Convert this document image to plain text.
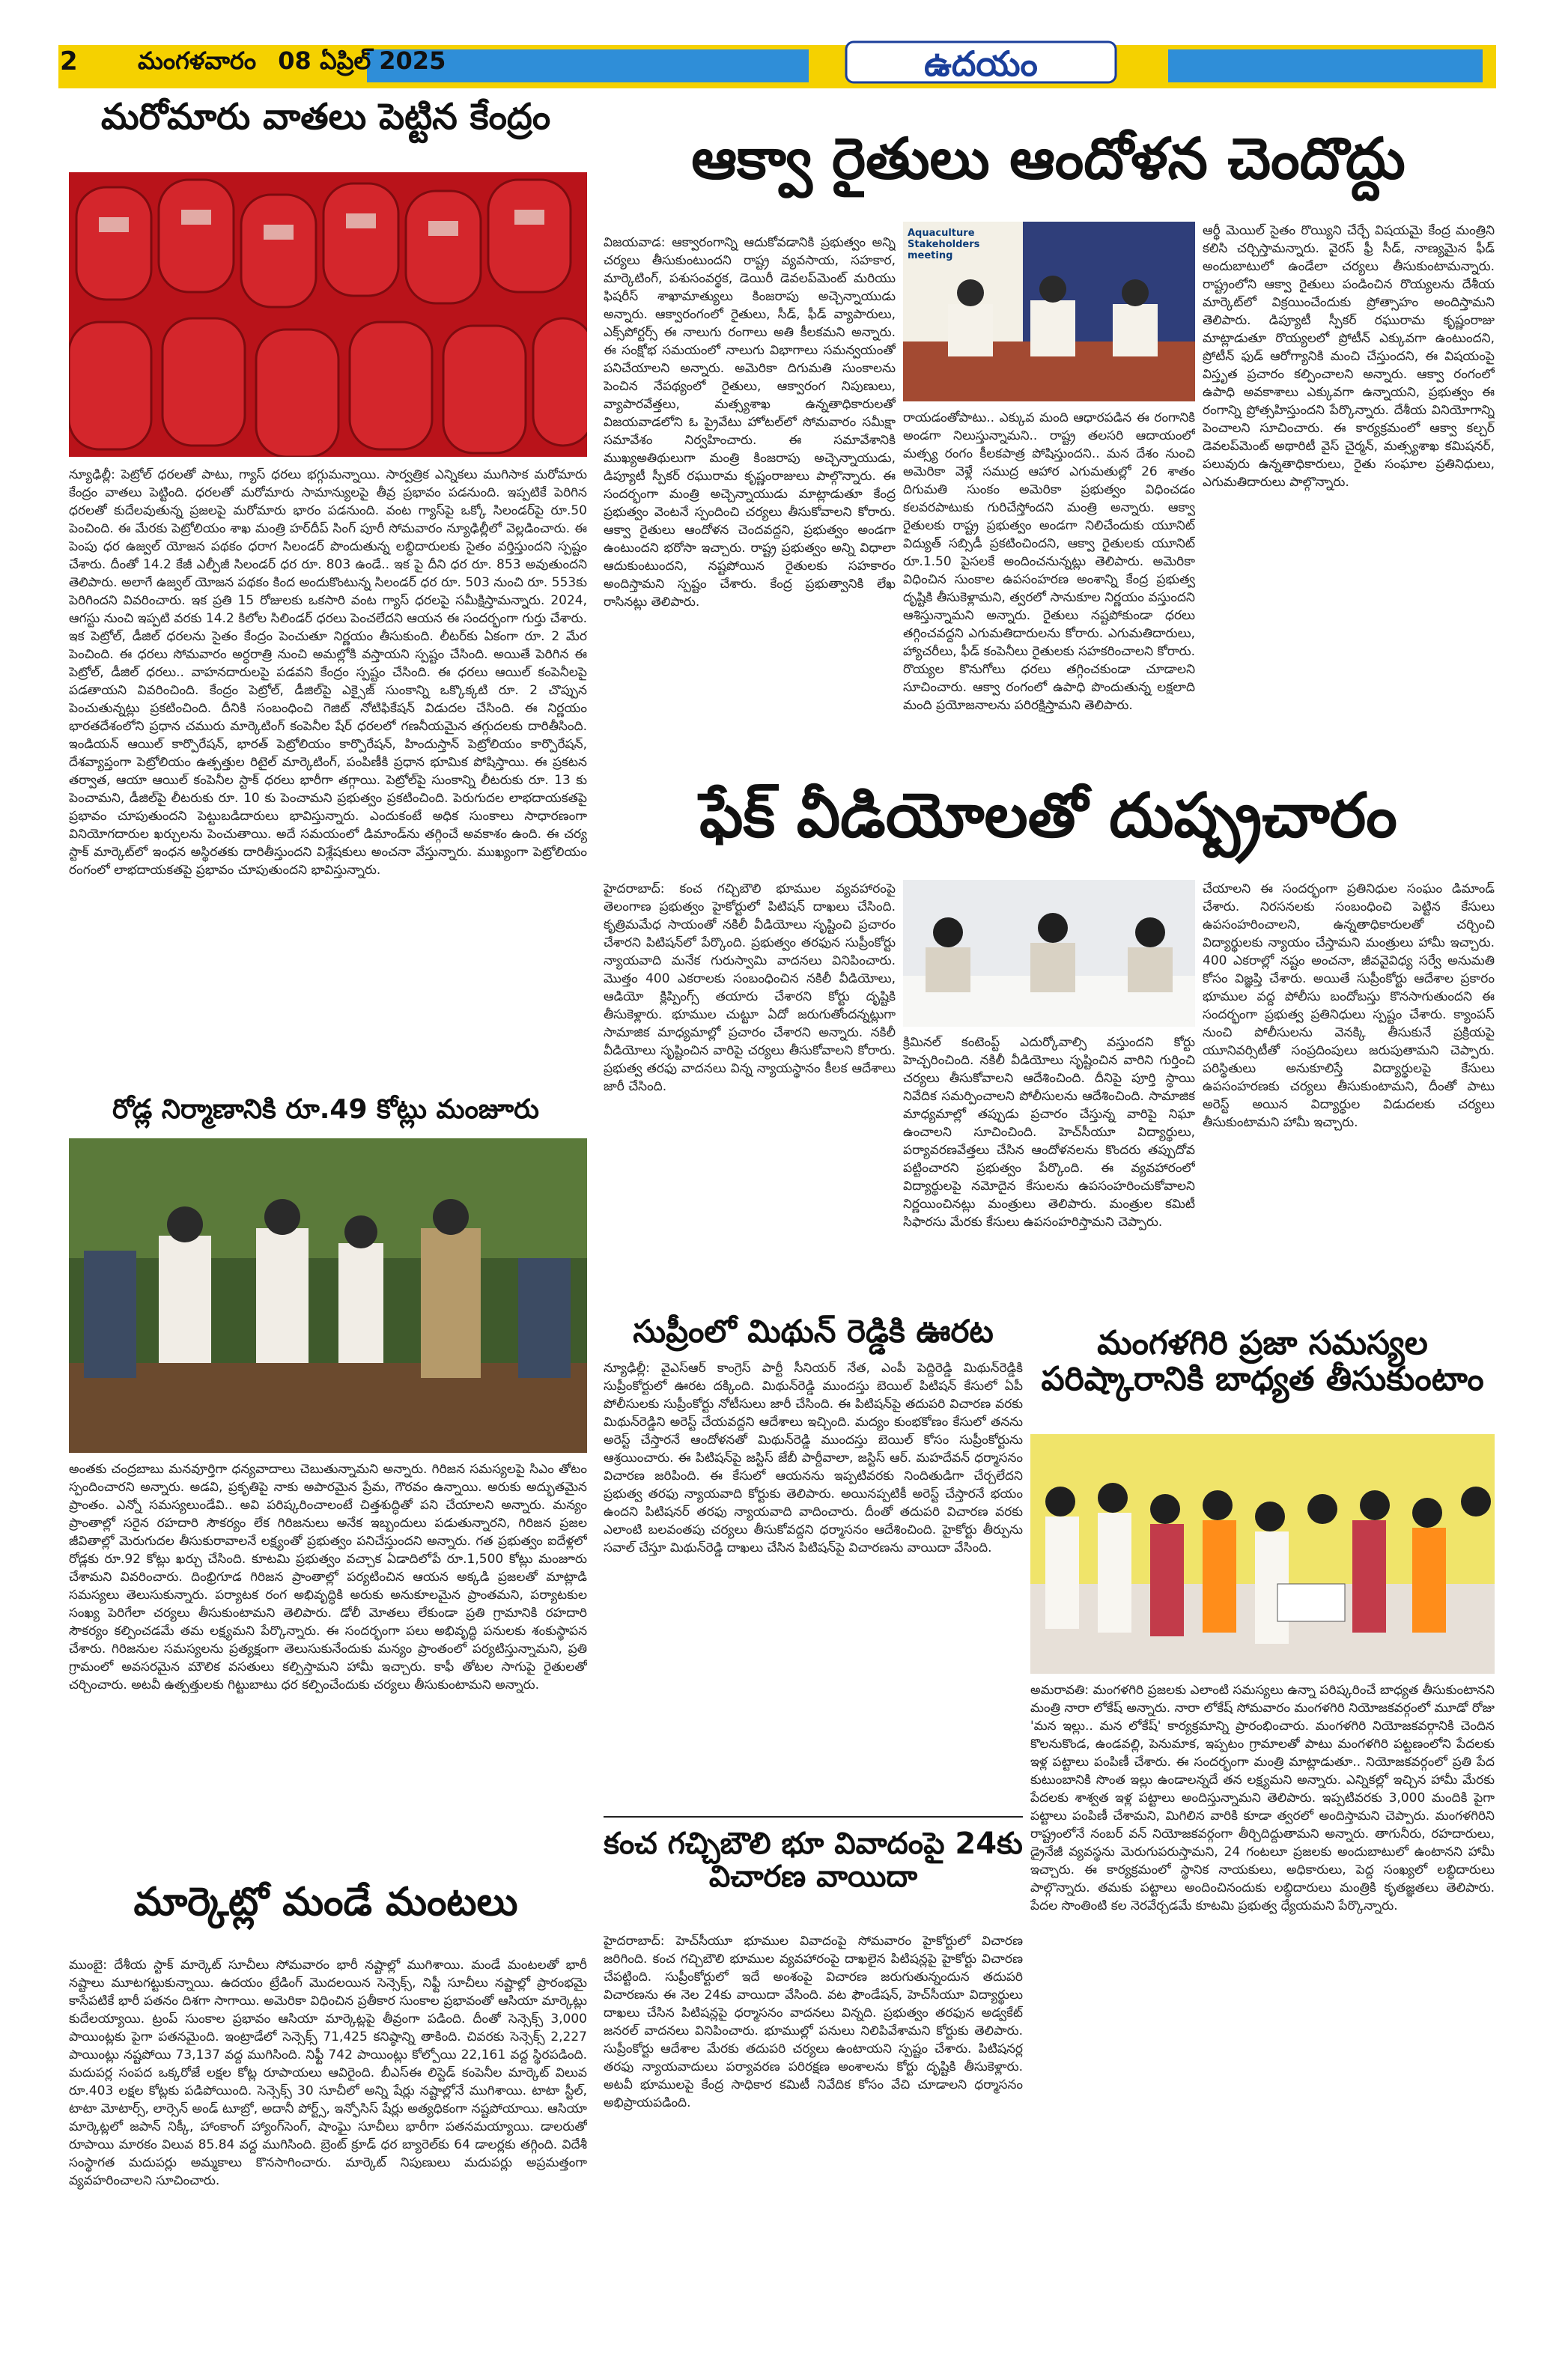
2	మంగళవారం 08 ఏప్రిల్ 2025	ఉదయం
మరోమారు వాతలు పెట్టిన కేంద్రం
న్యూఢిల్లీ: పెట్రోల్ ధరలతో పాటు, గ్యాస్ ధరలు భగ్గుమన్నాయి. సార్వత్రిక ఎన్నికలు ముగిసాక మరోమారు కేంద్రం వాతలు పెట్టింది. ధరలతో మరోమారు సామాన్యులపై తీవ్ర ప్రభావం పడనుంది. ఇప్పటికే పెరిగిన ధరలతో కుదేలవుతున్న ప్రజలపై మరోమారు భారం పడనుంది. వంట గ్యాస్‌పై ఒక్కో సిలండర్‌పై రూ.50 పెంచింది. ఈ మేరకు పెట్రోలియం శాఖ మంత్రి హర్‌దీప్ సింగ్ పూరీ సోమవారం న్యూఢిల్లీలో వెల్లడించారు. ఈ పెంపు ధర ఉజ్వల్ యోజన పథకం ధరాగ సిలండర్ పొందుతున్న లబ్ధిదారులకు సైతం వర్తిస్తుందని స్పష్టం చేశారు. దీంతో 14.2 కేజీ ఎల్పీజీ సిలండర్ ధర రూ. 803 ఉండే.. ఇక పై దీని ధర రూ. 853 అవుతుందని తెలిపారు. అలాగే ఉజ్వల్ యోజన పథకం కింద అందుకొంటున్న సిలండర్ ధర రూ. 503 నుంచి రూ. 553కు పెరిగిందని వివరించారు. ఇక ప్రతి 15 రోజులకు ఒకసారి వంట గ్యాస్ ధరలపై సమీక్షిస్తామన్నారు. 2024, ఆగస్టు నుంచి ఇప్పటి వరకు 14.2 కిలోల సిలిండర్ ధరలు పెంచలేదని ఆయన ఈ సందర్భంగా గుర్తు చేశారు. ఇక పెట్రోల్, డీజిల్ ధరలను సైతం కేంద్రం పెంచుతూ నిర్ణయం తీసుకుంది. లీటర్‌కు ఏకంగా రూ. 2 మేర పెంచింది. ఈ ధరలు సోమవారం అర్ధరాత్రి నుంచి అమల్లోకి వస్తాయని స్పష్టం చేసింది. అయితే పెరిగిన ఈ పెట్రోల్, డీజిల్ ధరలు.. వాహనదారులపై పడవని కేంద్రం స్పష్టం చేసింది. ఈ ధరలు ఆయిల్ కంపెనీలపై పడతాయని వివరించింది. కేంద్రం పెట్రోల్, డీజిల్‌పై ఎక్సైజ్ సుంకాన్ని ఒక్కొక్కటి రూ. 2 చొప్పున పెంచుతున్నట్లు ప్రకటించింది. దీనికి సంబంధించి గెజిట్ నోటిఫికేషన్ విడుదల చేసింది. ఈ నిర్ణయం భారతదేశంలోని ప్రధాన చమురు మార్కెటింగ్ కంపెనీల షేర్ ధరలలో గణనీయమైన తగ్గుదలకు దారితీసింది. ఇండియన్ ఆయిల్ కార్పొరేషన్, భారత్ పెట్రోలియం కార్పొరేషన్, హిందుస్తాన్ పెట్రోలియం కార్పొరేషన్, దేశవ్యాప్తంగా పెట్రోలియం ఉత్పత్తుల రిటైల్ మార్కెటింగ్, పంపిణీకి ప్రధాన భూమిక పోషిస్తాయి. ఈ ప్రకటన తర్వాత, ఆయా ఆయిల్ కంపెనీల స్టాక్ ధరలు భారీగా తగ్గాయి. పెట్రోల్‌పై సుంకాన్ని లీటరుకు రూ. 13 కు పెంచామని, డీజిల్‌పై లీటరుకు రూ. 10 కు పెంచామని ప్రభుత్వం ప్రకటించింది. పెరుగుదల లాభదాయకతపై ప్రభావం చూపుతుందని పెట్టుబడిదారులు భావిస్తున్నారు. ఎందుకంటే అధిక సుంకాలు సాధారణంగా వినియోగదారుల ఖర్చులను పెంచుతాయి. అదే సమయంలో డిమాండ్‌ను తగ్గించే అవకాశం ఉంది. ఈ చర్య స్టాక్ మార్కెట్‌లో ఇంధన అస్థిరతకు దారితీస్తుందని విశ్లేషకులు అంచనా వేస్తున్నారు. ముఖ్యంగా పెట్రోలియం రంగంలో లాభదాయకతపై ప్రభావం చూపుతుందని భావిస్తున్నారు.
రోడ్ల నిర్మాణానికి రూ.49 కోట్లు మంజూరు
అంతకు చంద్రబాబు మనవూర్తిగా ధన్యవాదాలు చెబుతున్నామని అన్నారు. గిరిజన సమస్యలపై సిఎం తోటం స్పందించారని అన్నారు. అడవి, ప్రకృతిపై నాకు అపారమైన ప్రేమ, గౌరవం ఉన్నాయి. అరుకు అద్భుతమైన ప్రాంతం. ఎన్నో సమస్యలుండేవి.. అవి పరిష్కరించాలంటే చిత్తశుద్ధితో పని చేయాలని అన్నారు. మన్యం ప్రాంతాల్లో సరైన రహదారి సౌకర్యం లేక గిరిజనులు అనేక ఇబ్బందులు పడుతున్నారని, గిరిజన ప్రజల జీవితాల్లో మెరుగుదల తీసుకురావాలనే లక్ష్యంతో ప్రభుత్వం పనిచేస్తుందని అన్నారు. గత ప్రభుత్వం ఐదేళ్లలో రోడ్లకు రూ.92 కోట్లు ఖర్చు చేసింది. కూటమి ప్రభుత్వం వచ్చాక ఏడాదిలోపే రూ.1,500 కోట్లు మంజూరు చేశామని వివరించారు. దింభ్రిగూడ గిరిజన ప్రాంతాల్లో పర్యటించిన ఆయన అక్కడి ప్రజలతో మాట్లాడి సమస్యలు తెలుసుకున్నారు. పర్యాటక రంగ అభివృద్ధికి అరుకు అనుకూలమైన ప్రాంతమని, పర్యాటకుల సంఖ్య పెరిగేలా చర్యలు తీసుకుంటామని తెలిపారు. డోలీ మోతలు లేకుండా ప్రతి గ్రామానికి రహదారి సౌకర్యం కల్పించడమే తమ లక్ష్యమని పేర్కొన్నారు. ఈ సందర్భంగా పలు అభివృద్ధి పనులకు శంకుస్థాపన చేశారు. గిరిజనుల సమస్యలను ప్రత్యక్షంగా తెలుసుకునేందుకు మన్యం ప్రాంతంలో పర్యటిస్తున్నామని, ప్రతి గ్రామంలో అవసరమైన మౌలిక వసతులు కల్పిస్తామని హామీ ఇచ్చారు. కాఫీ తోటల సాగుపై రైతులతో చర్చించారు. అటవీ ఉత్పత్తులకు గిట్టుబాటు ధర కల్పించేందుకు చర్యలు తీసుకుంటామని అన్నారు.
మార్కెట్లో మండే మంటలు
ముంబై: దేశీయ స్టాక్ మార్కెట్ సూచీలు సోమవారం భారీ నష్టాల్లో ముగిశాయి. మండే మంటలతో భారీ నష్టాలు మూటగట్టుకున్నాయి. ఉదయం ట్రేడింగ్ మొదలయిన సెన్సెక్స్, నిఫ్టీ సూచీలు నష్టాల్లో ప్రారంభమై కాసేపటికే భారీ పతనం దిశగా సాగాయి. అమెరికా విధించిన ప్రతీకార సుంకాల ప్రభావంతో ఆసియా మార్కెట్లు కుదేలయ్యాయి. ట్రంప్ సుంకాల ప్రభావం ఆసియా మార్కెట్లపై తీవ్రంగా పడింది. దీంతో సెన్సెక్స్ 3,000 పాయింట్లకు పైగా పతనమైంది. ఇంట్రాడేలో సెన్సెక్స్ 71,425 కనిష్ఠాన్ని తాకింది. చివరకు సెన్సెక్స్ 2,227 పాయింట్లు నష్టపోయి 73,137 వద్ద ముగిసింది. నిఫ్టీ 742 పాయింట్లు కోల్పోయి 22,161 వద్ద స్థిరపడింది. మదుపర్ల సంపద ఒక్కరోజే లక్షల కోట్ల రూపాయలు ఆవిరైంది. బీఎస్ఈ లిస్టెడ్ కంపెనీల మార్కెట్ విలువ రూ.403 లక్షల కోట్లకు పడిపోయింది. సెన్సెక్స్ 30 సూచీలో అన్ని షేర్లు నష్టాల్లోనే ముగిశాయి. టాటా స్టీల్, టాటా మోటార్స్, లార్సెన్ అండ్ టూబ్రో, అదానీ పోర్ట్స్, ఇన్ఫోసిస్ షేర్లు అత్యధికంగా నష్టపోయాయి. ఆసియా మార్కెట్లలో జపాన్ నిక్కీ, హాంకాంగ్ హ్యాంగ్‌సెంగ్, షాంఘై సూచీలు భారీగా పతనమయ్యాయి. డాలరుతో రూపాయి మారకం విలువ 85.84 వద్ద ముగిసింది. బ్రెంట్ క్రూడ్ ధర బ్యారెల్‌కు 64 డాలర్లకు తగ్గింది. విదేశీ సంస్థాగత మదుపర్లు అమ్మకాలు కొనసాగించారు. మార్కెట్ నిపుణులు మదుపర్లు అప్రమత్తంగా వ్యవహరించాలని సూచించారు.
ఆక్వా రైతులు ఆందోళన చెందొద్దు
విజయవాడ: ఆక్వారంగాన్ని ఆదుకోవడానికి ప్రభుత్వం అన్ని చర్యలు తీసుకుంటుందని రాష్ట్ర వ్యవసాయ, సహకార, మార్కెటింగ్, పశుసంవర్థక, డెయిరీ డెవలప్‌మెంట్ మరియు ఫిషరీస్ శాఖామాత్యులు కింజరాపు అచ్చెన్నాయుడు అన్నారు. ఆక్వారంగంలో రైతులు, సీడ్, ఫీడ్ వ్యాపారులు, ఎక్స్‌పోర్టర్స్ ఈ నాలుగు రంగాలు అతి కీలకమని అన్నారు. ఈ సంక్షోభ సమయంలో నాలుగు విభాగాలు సమన్వయంతో పనిచేయాలని అన్నారు. అమెరికా దిగుమతి సుంకాలను పెంచిన నేపథ్యంలో రైతులు, ఆక్వారంగ నిపుణులు, వ్యాపారవేత్తలు, మత్స్యశాఖ ఉన్నతాధికారులతో విజయవాడలోని ఓ ప్రైవేటు హోటల్‌లో సోమవారం సమీక్షా సమావేశం నిర్వహించారు. ఈ సమావేశానికి ముఖ్యఅతిథులుగా మంత్రి కింజరాపు అచ్చెన్నాయుడు, డిప్యూటీ స్పీకర్ రఘురామ కృష్ణంరాజులు పాల్గొన్నారు. ఈ సందర్భంగా మంత్రి అచ్చెన్నాయుడు మాట్లాడుతూ కేంద్ర ప్రభుత్వం వెంటనే స్పందించి చర్యలు తీసుకోవాలని కోరారు. ఆక్వా రైతులు ఆందోళన చెందవద్దని, ప్రభుత్వం అండగా ఉంటుందని భరోసా ఇచ్చారు. రాష్ట్ర ప్రభుత్వం అన్ని విధాలా ఆదుకుంటుందని, నష్టపోయిన రైతులకు సహకారం అందిస్తామని స్పష్టం చేశారు. కేంద్ర ప్రభుత్వానికి లేఖ రాసినట్లు తెలిపారు.
Aquaculture Stakeholders meeting
రాయడంతోపాటు.. ఎక్కువ మంది ఆధారపడిన ఈ రంగానికి అండగా నిలుస్తున్నామని.. రాష్ట్ర తలసరి ఆదాయంలో మత్స్య రంగం కీలకపాత్ర పోషిస్తుందని.. మన దేశం నుంచి అమెరికా వెళ్లే సముద్ర ఆహార ఎగుమతుల్లో 26 శాతం దిగుమతి సుంకం అమెరికా ప్రభుత్వం విధించడం కలవరపాటుకు గురిచేస్తోందని మంత్రి అన్నారు. ఆక్వా రైతులకు రాష్ట్ర ప్రభుత్వం అండగా నిలిచేందుకు యూనిట్ విద్యుత్ సబ్సిడీ ప్రకటించిందని, ఆక్వా రైతులకు యూనిట్ రూ.1.50 పైసలకే అందించనున్నట్లు తెలిపారు. అమెరికా విధించిన సుంకాల ఉపసంహరణ అంశాన్ని కేంద్ర ప్రభుత్వ దృష్టికి తీసుకెళ్లామని, త్వరలో సానుకూల నిర్ణయం వస్తుందని ఆశిస్తున్నామని అన్నారు. రైతులు నష్టపోకుండా ధరలు తగ్గించవద్దని ఎగుమతిదారులను కోరారు. ఎగుమతిదారులు, హ్యాచరీలు, ఫీడ్ కంపెనీలు రైతులకు సహకరించాలని కోరారు. రొయ్యల కొనుగోలు ధరలు తగ్గించకుండా చూడాలని సూచించారు. ఆక్వా రంగంలో ఉపాధి పొందుతున్న లక్షలాది మంది ప్రయోజనాలను పరిరక్షిస్తామని తెలిపారు.
ఆర్థీ మెయిల్ సైతం రొయ్యిని చేర్చే విషయమై కేంద్ర మంత్రిని కలిసి చర్చిస్తామన్నారు. వైరస్ ఫ్రీ సీడ్, నాణ్యమైన ఫీడ్ అందుబాటులో ఉండేలా చర్యలు తీసుకుంటామన్నారు. రాష్ట్రంలోని ఆక్వా రైతులు పండించిన రొయ్యలను దేశీయ మార్కెట్‌లో విక్రయించేందుకు ప్రోత్సాహం అందిస్తామని తెలిపారు. డిప్యూటీ స్పీకర్ రఘురామ కృష్ణంరాజు మాట్లాడుతూ రొయ్యలలో ప్రోటీన్ ఎక్కువగా ఉంటుందని, ప్రోటీన్ ఫుడ్ ఆరోగ్యానికి మంచి చేస్తుందని, ఈ విషయంపై విస్తృత ప్రచారం కల్పించాలని అన్నారు. ఆక్వా రంగంలో ఉపాధి అవకాశాలు ఎక్కువగా ఉన్నాయని, ప్రభుత్వం ఈ రంగాన్ని ప్రోత్సహిస్తుందని పేర్కొన్నారు. దేశీయ వినియోగాన్ని పెంచాలని సూచించారు. ఈ కార్యక్రమంలో ఆక్వా కల్చర్ డెవలప్‌మెంట్ అథారిటీ వైస్ చైర్మన్, మత్స్యశాఖ కమిషనర్, పలువురు ఉన్నతాధికారులు, రైతు సంఘాల ప్రతినిధులు, ఎగుమతిదారులు పాల్గొన్నారు.
ఫేక్ వీడియోలతో దుష్ప్రచారం
హైదరాబాద్: కంచ గచ్చిబౌలి భూముల వ్యవహారంపై తెలంగాణ ప్రభుత్వం హైకోర్టులో పిటిషన్ దాఖలు చేసింది. కృత్రిమమేధ సాయంతో నకిలీ వీడియోలు సృష్టించి ప్రచారం చేశారని పిటిషన్‌లో పేర్కొంది. ప్రభుత్వం తరఫున సుప్రీంకోర్టు న్యాయవాది మనేక గురుస్వామి వాదనలు వినిపించారు. మొత్తం 400 ఎకరాలకు సంబంధించిన నకిలీ వీడియోలు, ఆడియో క్లిప్పింగ్స్ తయారు చేశారని కోర్టు దృష్టికి తీసుకెళ్లారు. భూముల చుట్టూ ఏదో జరుగుతోందన్నట్లుగా సామాజిక మాధ్యమాల్లో ప్రచారం చేశారని అన్నారు. నకిలీ వీడియోలు సృష్టించిన వారిపై చర్యలు తీసుకోవాలని కోరారు. ప్రభుత్వ తరఫు వాదనలు విన్న న్యాయస్థానం కీలక ఆదేశాలు జారీ చేసింది.
క్రిమినల్ కంటెంప్ట్ ఎదుర్కోవాల్సి వస్తుందని కోర్టు హెచ్చరించింది. నకిలీ వీడియోలు సృష్టించిన వారిని గుర్తించి చర్యలు తీసుకోవాలని ఆదేశించింది. దీనిపై పూర్తి స్థాయి నివేదిక సమర్పించాలని పోలీసులను ఆదేశించింది. సామాజిక మాధ్యమాల్లో తప్పుడు ప్రచారం చేస్తున్న వారిపై నిఘా ఉంచాలని సూచించింది. హెచ్‌సీయూ విద్యార్థులు, పర్యావరణవేత్తలు చేసిన ఆందోళనలను కొందరు తప్పుదోవ పట్టించారని ప్రభుత్వం పేర్కొంది. ఈ వ్యవహారంలో విద్యార్థులపై నమోదైన కేసులను ఉపసంహరించుకోవాలని నిర్ణయించినట్లు మంత్రులు తెలిపారు. మంత్రుల కమిటీ సిఫారసు మేరకు కేసులు ఉపసంహరిస్తామని చెప్పారు.
చేయాలని ఈ సందర్భంగా ప్రతినిధుల సంఘం డిమాండ్ చేశారు. నిరసనలకు సంబంధించి పెట్టిన కేసులు ఉపసంహరించాలని, ఉన్నతాధికారులతో చర్చించి విద్యార్థులకు న్యాయం చేస్తామని మంత్రులు హామీ ఇచ్చారు. 400 ఎకరాల్లో నష్టం అంచనా, జీవవైవిధ్య సర్వే అనుమతి కోసం విజ్ఞప్తి చేశారు. అయితే సుప్రీంకోర్టు ఆదేశాల ప్రకారం భూముల వద్ద పోలీసు బందోబస్తు కొనసాగుతుందని ఈ సందర్భంగా ప్రభుత్వ ప్రతినిధులు స్పష్టం చేశారు. క్యాంపస్ నుంచి పోలీసులను వెనక్కి తీసుకునే ప్రక్రియపై యూనివర్సిటీతో సంప్రదింపులు జరుపుతామని చెప్పారు. పరిస్థితులు అనుకూలిస్తే విద్యార్థులపై కేసులు ఉపసంహరణకు చర్యలు తీసుకుంటామని, దీంతో పాటు అరెస్ట్ అయిన విద్యార్థుల విడుదలకు చర్యలు తీసుకుంటామని హామీ ఇచ్చారు.
సుప్రీంలో మిథున్ రెడ్డికి ఊరట
న్యూఢిల్లీ: వైఎస్ఆర్ కాంగ్రెస్ పార్టీ సీనియర్ నేత, ఎంపీ పెద్దిరెడ్డి మిథున్‌రెడ్డికి సుప్రీంకోర్టులో ఊరట దక్కింది. మిథున్‌రెడ్డి ముందస్తు బెయిల్ పిటిషన్ కేసులో ఏపీ పోలీసులకు సుప్రీంకోర్టు నోటీసులు జారీ చేసింది. ఈ పిటిషన్‌పై తదుపరి విచారణ వరకు మిథున్‌రెడ్డిని అరెస్ట్ చేయవద్దని ఆదేశాలు ఇచ్చింది. మద్యం కుంభకోణం కేసులో తనను అరెస్ట్ చేస్తారనే ఆందోళనతో మిథున్‌రెడ్డి ముందస్తు బెయిల్ కోసం సుప్రీంకోర్టును ఆశ్రయించారు. ఈ పిటిషన్‌పై జస్టిస్ జేబీ పార్దీవాలా, జస్టిస్ ఆర్. మహదేవన్ ధర్మాసనం విచారణ జరిపింది. ఈ కేసులో ఆయనను ఇప్పటివరకు నిందితుడిగా చేర్చలేదని ప్రభుత్వ తరఫు న్యాయవాది కోర్టుకు తెలిపారు. అయినప్పటికీ అరెస్ట్ చేస్తారనే భయం ఉందని పిటిషనర్ తరఫు న్యాయవాది వాదించారు. దీంతో తదుపరి విచారణ వరకు ఎలాంటి బలవంతపు చర్యలు తీసుకోవద్దని ధర్మాసనం ఆదేశించింది. హైకోర్టు తీర్పును సవాల్ చేస్తూ మిథున్‌రెడ్డి దాఖలు చేసిన పిటిషన్‌పై విచారణను వాయిదా వేసింది.
కంచ గచ్చిబౌలి భూ వివాదంపై 24కు విచారణ వాయిదా
హైదరాబాద్: హెచ్‌సీయూ భూముల వివాదంపై సోమవారం హైకోర్టులో విచారణ జరిగింది. కంచ గచ్చిబౌలి భూముల వ్యవహారంపై దాఖలైన పిటిషన్లపై హైకోర్టు విచారణ చేపట్టింది. సుప్రీంకోర్టులో ఇదే అంశంపై విచారణ జరుగుతున్నందున తదుపరి విచారణను ఈ నెల 24కు వాయిదా వేసింది. వట ఫౌండేషన్, హెచ్‌సీయూ విద్యార్థులు దాఖలు చేసిన పిటిషన్లపై ధర్మాసనం వాదనలు విన్నది. ప్రభుత్వం తరఫున అడ్వకేట్ జనరల్ వాదనలు వినిపించారు. భూముల్లో పనులు నిలిపివేశామని కోర్టుకు తెలిపారు. సుప్రీంకోర్టు ఆదేశాల మేరకు తదుపరి చర్యలు ఉంటాయని స్పష్టం చేశారు. పిటిషనర్ల తరఫు న్యాయవాదులు పర్యావరణ పరిరక్షణ అంశాలను కోర్టు దృష్టికి తీసుకెళ్లారు. అటవీ భూములపై కేంద్ర సాధికార కమిటీ నివేదిక కోసం వేచి చూడాలని ధర్మాసనం అభిప్రాయపడింది.
మంగళగిరి ప్రజా సమస్యల పరిష్కారానికి బాధ్యత తీసుకుంటాం
అమరావతి: మంగళగిరి ప్రజలకు ఎలాంటి సమస్యలు ఉన్నా పరిష్కరించే బాధ్యత తీసుకుంటానని మంత్రి నారా లోకేష్ అన్నారు. నారా లోకేష్ సోమవారం మంగళగిరి నియోజకవర్గంలో మూడో రోజు 'మన ఇల్లు.. మన లోకేష్' కార్యక్రమాన్ని ప్రారంభించారు. మంగళగిరి నియోజకవర్గానికి చెందిన కొలనుకొండ, ఉండవల్లి, పెనుమాక, ఇప్పటం గ్రామాలతో పాటు మంగళగిరి పట్టణంలోని పేదలకు ఇళ్ల పట్టాలు పంపిణీ చేశారు. ఈ సందర్భంగా మంత్రి మాట్లాడుతూ.. నియోజకవర్గంలో ప్రతి పేద కుటుంబానికి సొంత ఇల్లు ఉండాలన్నదే తన లక్ష్యమని అన్నారు. ఎన్నికల్లో ఇచ్చిన హామీ మేరకు పేదలకు శాశ్వత ఇళ్ల పట్టాలు అందిస్తున్నామని తెలిపారు. ఇప్పటివరకు 3,000 మందికి పైగా పట్టాలు పంపిణీ చేశామని, మిగిలిన వారికి కూడా త్వరలో అందిస్తామని చెప్పారు. మంగళగిరిని రాష్ట్రంలోనే నంబర్ వన్ నియోజకవర్గంగా తీర్చిదిద్దుతామని అన్నారు. తాగునీరు, రహదారులు, డ్రైనేజీ వ్యవస్థను మెరుగుపరుస్తామని, 24 గంటలూ ప్రజలకు అందుబాటులో ఉంటానని హామీ ఇచ్చారు. ఈ కార్యక్రమంలో స్థానిక నాయకులు, అధికారులు, పెద్ద సంఖ్యలో లబ్ధిదారులు పాల్గొన్నారు. తమకు పట్టాలు అందించినందుకు లబ్ధిదారులు మంత్రికి కృతజ్ఞతలు తెలిపారు. పేదల సొంతింటి కల నెరవేర్చడమే కూటమి ప్రభుత్వ ధ్యేయమని పేర్కొన్నారు.
